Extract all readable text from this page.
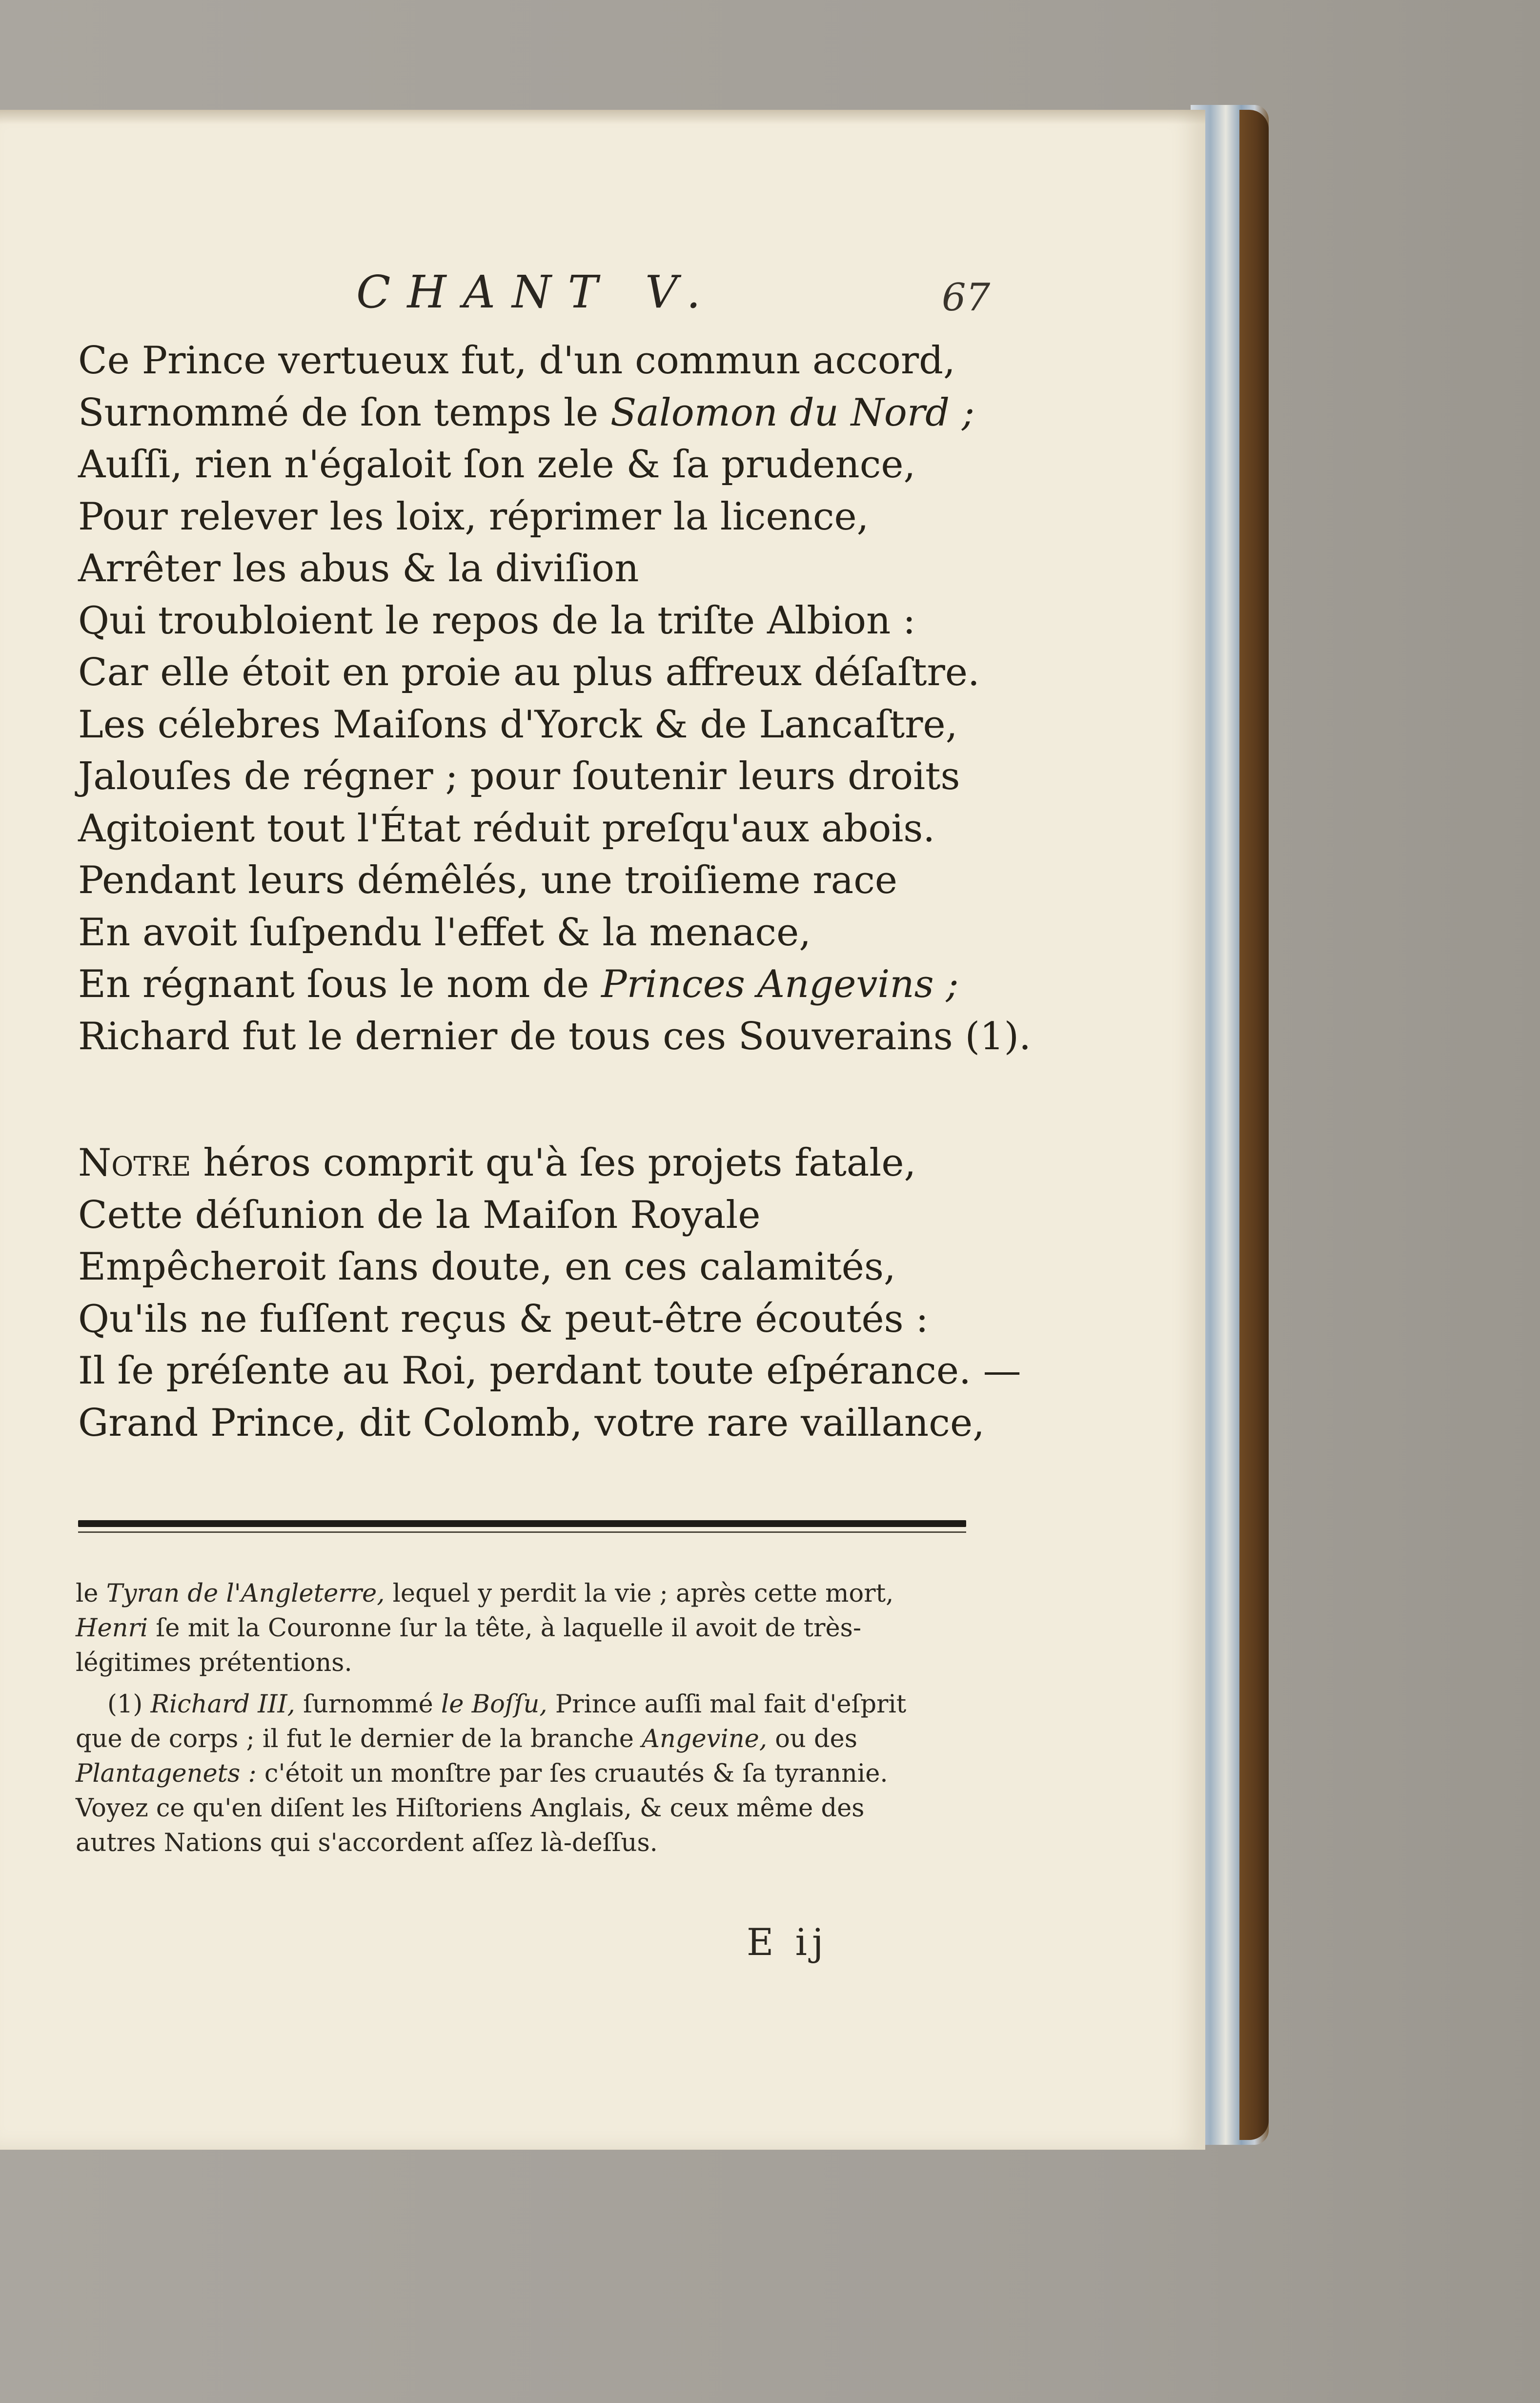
CHANT V.	67
Ce Prince vertueux fut, d'un commun accord,
Surnommé de ſon temps le Salomon du Nord ;
Auſſi, rien n'égaloit ſon zele & ſa prudence,
Pour relever les loix, réprimer la licence,
Arrêter les abus & la diviſion
Qui troubloient le repos de la triſte Albion :
Car elle étoit en proie au plus affreux déſaſtre.
Les célebres Maiſons d'Yorck & de Lancaſtre,
Jalouſes de régner ; pour ſoutenir leurs droits
Agitoient tout l'État réduit preſqu'aux abois.
Pendant leurs démêlés, une troiſieme race
En avoit ſuſpendu l'effet & la menace,
En régnant ſous le nom de Princes Angevins ;
Richard fut le dernier de tous ces Souverains (1).
Notre héros comprit qu'à ſes projets fatale,
Cette déſunion de la Maiſon Royale
Empêcheroit ſans doute, en ces calamités,
Qu'ils ne fuſſent reçus & peut-être écoutés :
Il ſe préſente au Roi, perdant toute eſpérance. —
Grand Prince, dit Colomb, votre rare vaillance,

le Tyran de l'Angleterre, lequel y perdit la vie ; après cette mort,

Henri ſe mit la Couronne ſur la tête, à laquelle il avoit de très-

légitimes prétentions.

(1) Richard III, ſurnommé le Boſſu, Prince auſſi mal fait d'eſprit

que de corps ; il fut le dernier de la branche Angevine, ou des

Plantagenets : c'étoit un monſtre par ſes cruautés & ſa tyrannie.

Voyez ce qu'en diſent les Hiſtoriens Anglais, & ceux même des

autres Nations qui s'accordent aſſez là-deſſus.

E ij
